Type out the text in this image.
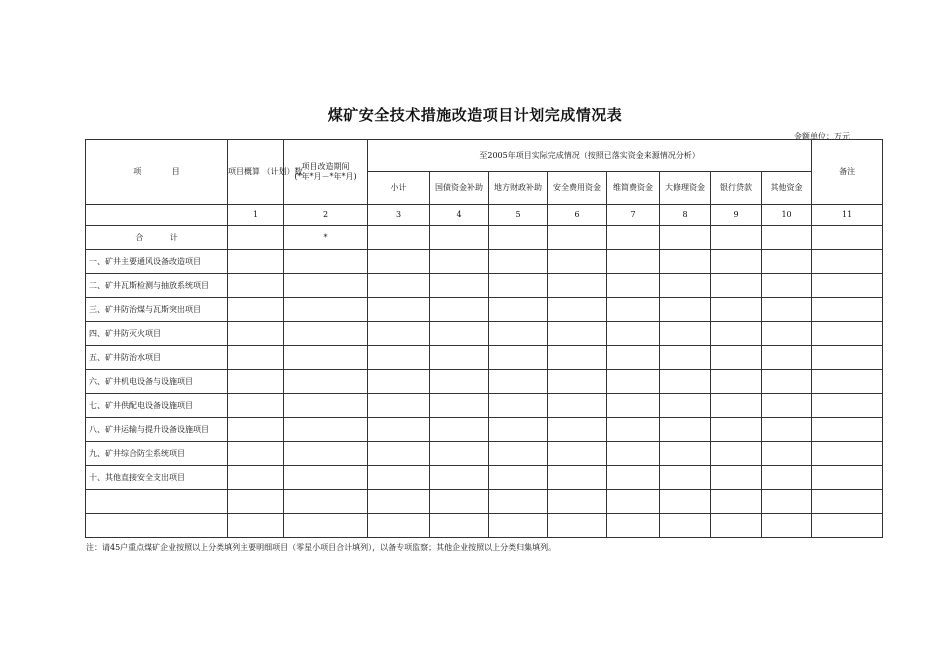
煤矿安全技术措施改造项目计划完成情况表
金额单位：万元
项 目	项目概算 （计划）数	项目改造期间
(*年*月－*年*月)	至2005年项目实际完成情况（按照已落实资金来源情况分析）								备注
			小计	国债资金补助	地方财政补助	安全费用资金	维简费资金	大修理资金	银行贷款	其他资金	
	1	2	3	4	5	6	7	8	9	10	11
合 计		*									
一、矿井主要通风设备改造项目											
二、矿井瓦斯检测与抽放系统项目											
三、矿井防治煤与瓦斯突出项目											
四、矿井防灭火项目											
五、矿井防治水项目											
六、矿井机电设备与设施项目											
七、矿井供配电设备设施项目											
八、矿井运输与提升设备设施项目											
九、矿井综合防尘系统项目											
十、其他直接安全支出项目											

注：请45户重点煤矿企业按照以上分类填列主要明细项目（零星小项目合计填列），以备专项监察；其他企业按照以上分类归集填列。
